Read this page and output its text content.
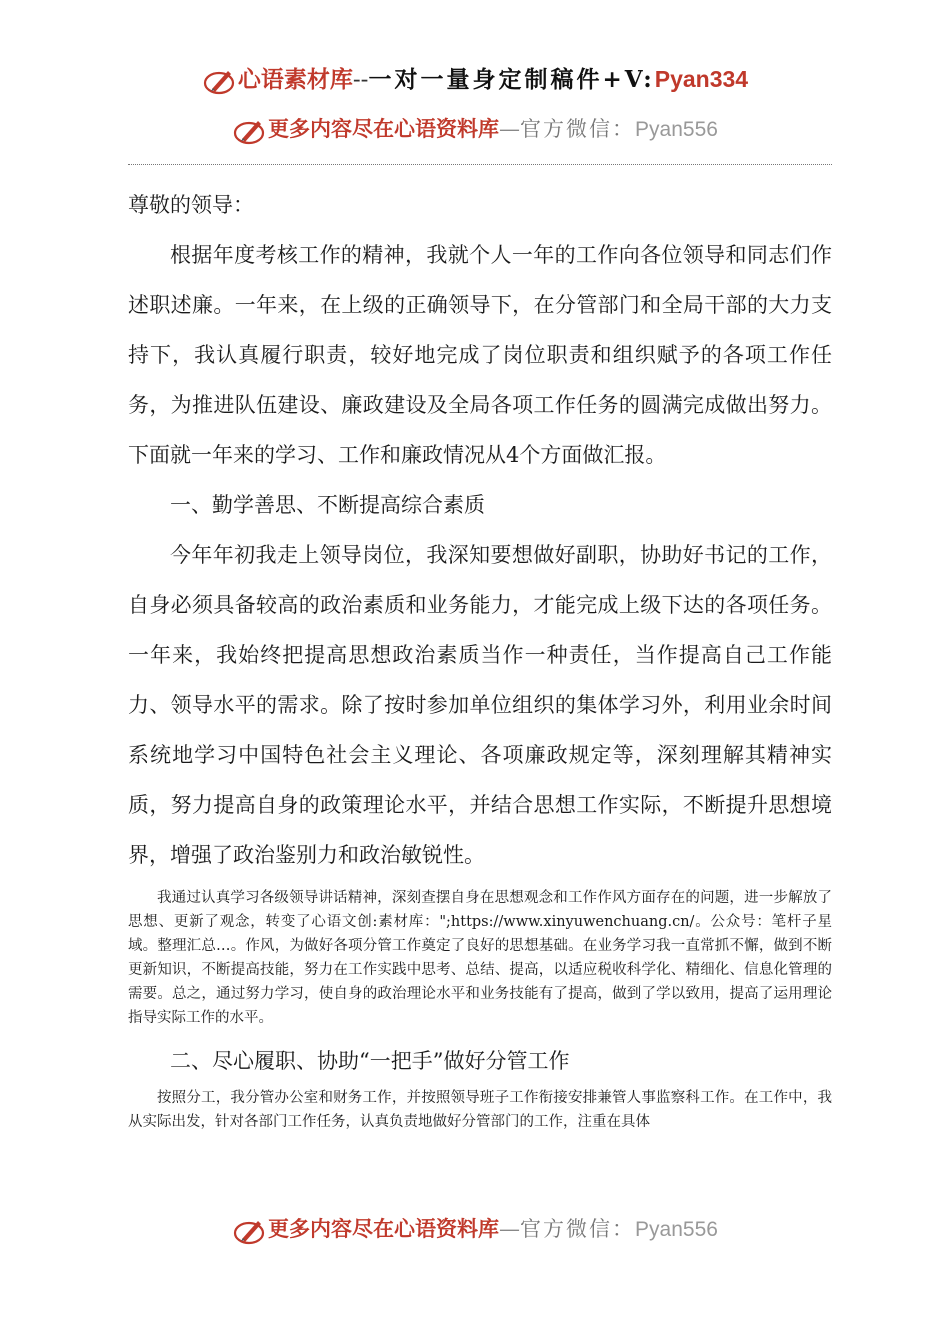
心语素材库--一对一量身定制稿件+V:Pyan334
更多内容尽在心语资料库—官方微信：Pyan556

尊敬的领导：

根据年度考核工作的精神，我就个人一年的工作向各位领导和同志们作述职述廉。一年来，在上级的正确领导下，在分管部门和全局干部的大力支持下，我认真履行职责，较好地完成了岗位职责和组织赋予的各项工作任务，为推进队伍建设、廉政建设及全局各项工作任务的圆满完成做出努力。下面就一年来的学习、工作和廉政情况从4个方面做汇报。

一、勤学善思、不断提高综合素质

今年年初我走上领导岗位，我深知要想做好副职，协助好书记的工作，自身必须具备较高的政治素质和业务能力，才能完成上级下达的各项任务。一年来，我始终把提高思想政治素质当作一种责任，当作提高自己工作能力、领导水平的需求。除了按时参加单位组织的集体学习外，利用业余时间系统地学习中国特色社会主义理论、各项廉政规定等，深刻理解其精神实质，努力提高自身的政策理论水平，并结合思想工作实际，不断提升思想境界，增强了政治鉴别力和政治敏锐性。

我通过认真学习各级领导讲话精神，深刻查摆自身在思想观念和工作作风方面存在的问题，进一步解放了思想、更新了观念，转变了心语文创:素材库：";https://www.xinyuwenchuang.cn/。公众号：笔杆子星域。整理汇总…。作风，为做好各项分管工作奠定了良好的思想基础。在业务学习我一直常抓不懈，做到不断更新知识，不断提高技能，努力在工作实践中思考、总结、提高，以适应税收科学化、精细化、信息化管理的需要。总之，通过努力学习，使自身的政治理论水平和业务技能有了提高，做到了学以致用，提高了运用理论指导实际工作的水平。

二、尽心履职、协助“一把手”做好分管工作

按照分工，我分管办公室和财务工作，并按照领导班子工作衔接安排兼管人事监察科工作。在工作中，我从实际出发，针对各部门工作任务，认真负责地做好分管部门的工作，注重在具体

更多内容尽在心语资料库—官方微信：Pyan556
